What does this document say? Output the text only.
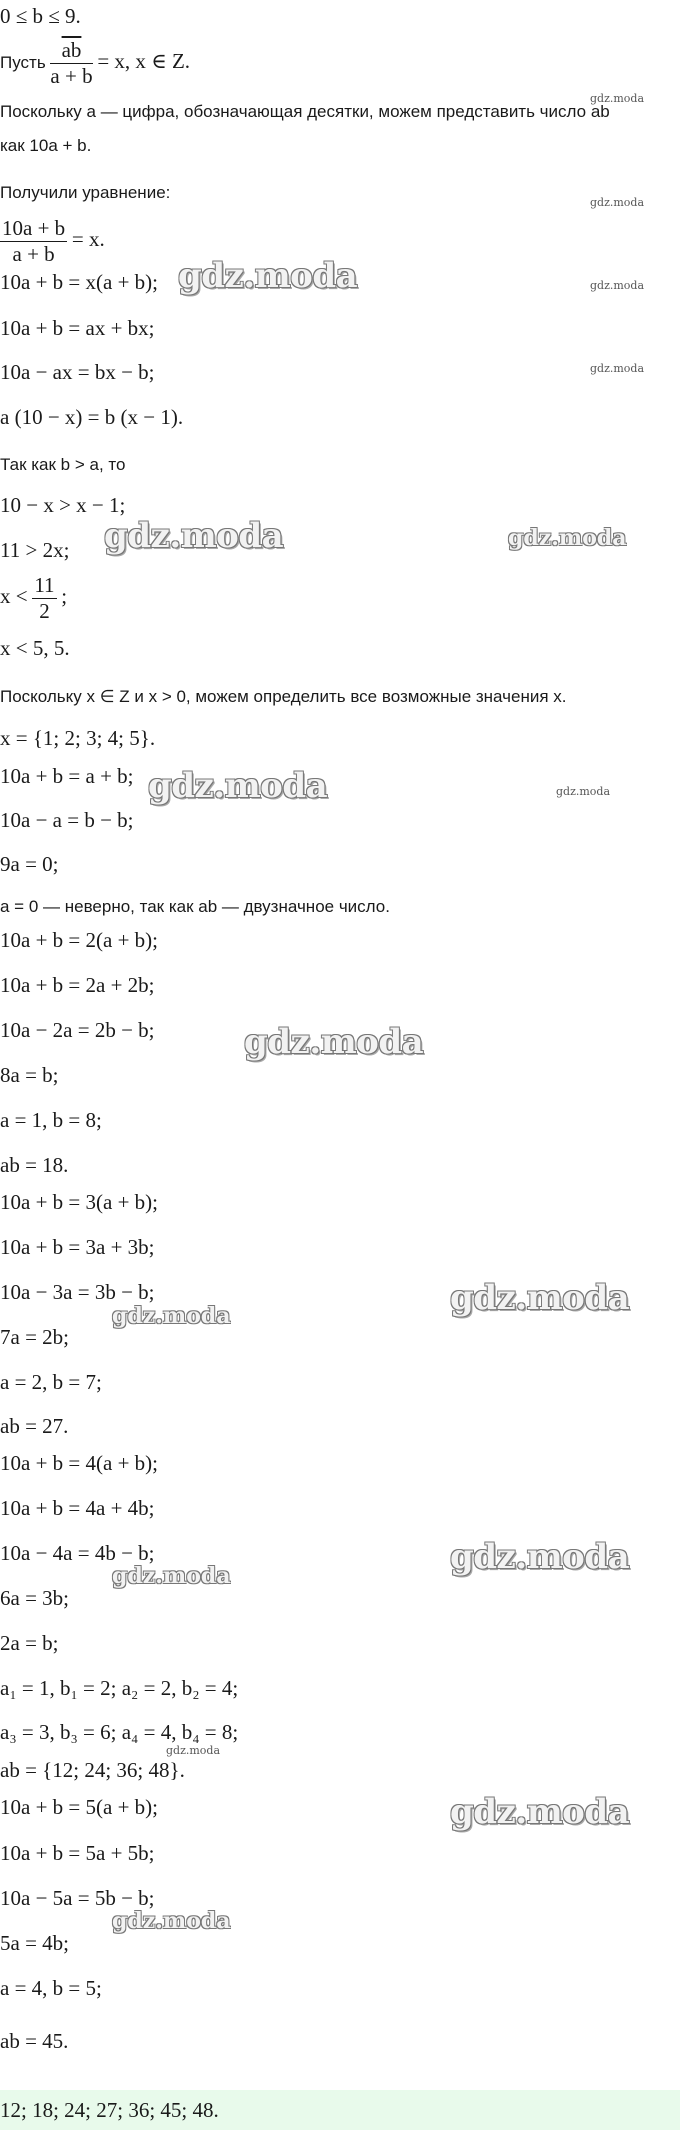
0 ≤ b ≤ 9.
Пусть $\frac{\overline{ab}}{a + b} = x$, x ∈ Z.
Поскольку a — цифра, обозначающая десятки, можем представить число ab
как 10a + b.
Получили уравнение:
$\frac{10a + b}{a + b} = x$.
10a + b = x(a + b);
10a + b = ax + bx;
10a − ax = bx − b;
a (10 − x) = b (x − 1).
Так как b > a, то
10 − x > x − 1;
11 > 2x;
$x < \frac{11}{2}$ ;
x < 5, 5.
Поскольку x ∈ Z и x > 0, можем определить все возможные значения x.
x = {1; 2; 3; 4; 5}.
10a + b = a + b;
10a − a = b − b;
9a = 0;
a = 0 — неверно, так как ab — двузначное число.
10a + b = 2(a + b);
10a + b = 2a + 2b;
10a − 2a = 2b − b;
8a = b;
a = 1, b = 8;
ab = 18.
10a + b = 3(a + b);
10a + b = 3a + 3b;
10a − 3a = 3b − b;
7a = 2b;
a = 2, b = 7;
ab = 27.
10a + b = 4(a + b);
10a + b = 4a + 4b;
10a − 4a = 4b − b;
6a = 3b;
2a = b;
a₁ = 1, b₁ = 2; a₂ = 2, b₂ = 4;
a₃ = 3, b₃ = 6; a₄ = 4, b₄ = 8;
ab = {12; 24; 36; 48}.
10a + b = 5(a + b);
10a + b = 5a + 5b;
10a − 5a = 5b − b;
5a = 4b;
a = 4, b = 5;
ab = 45.
12; 18; 24; 27; 36; 45; 48.
gdz.moda
gdz.moda
gdz.moda
gdz.moda
gdz.moda
gdz.moda
gdz.moda
gdz.moda	gdz.moda
gdz.moda
gdz.moda
gdz.moda
gdz.moda
gdz.moda
gdz.moda
gdz.moda
gdz.moda
